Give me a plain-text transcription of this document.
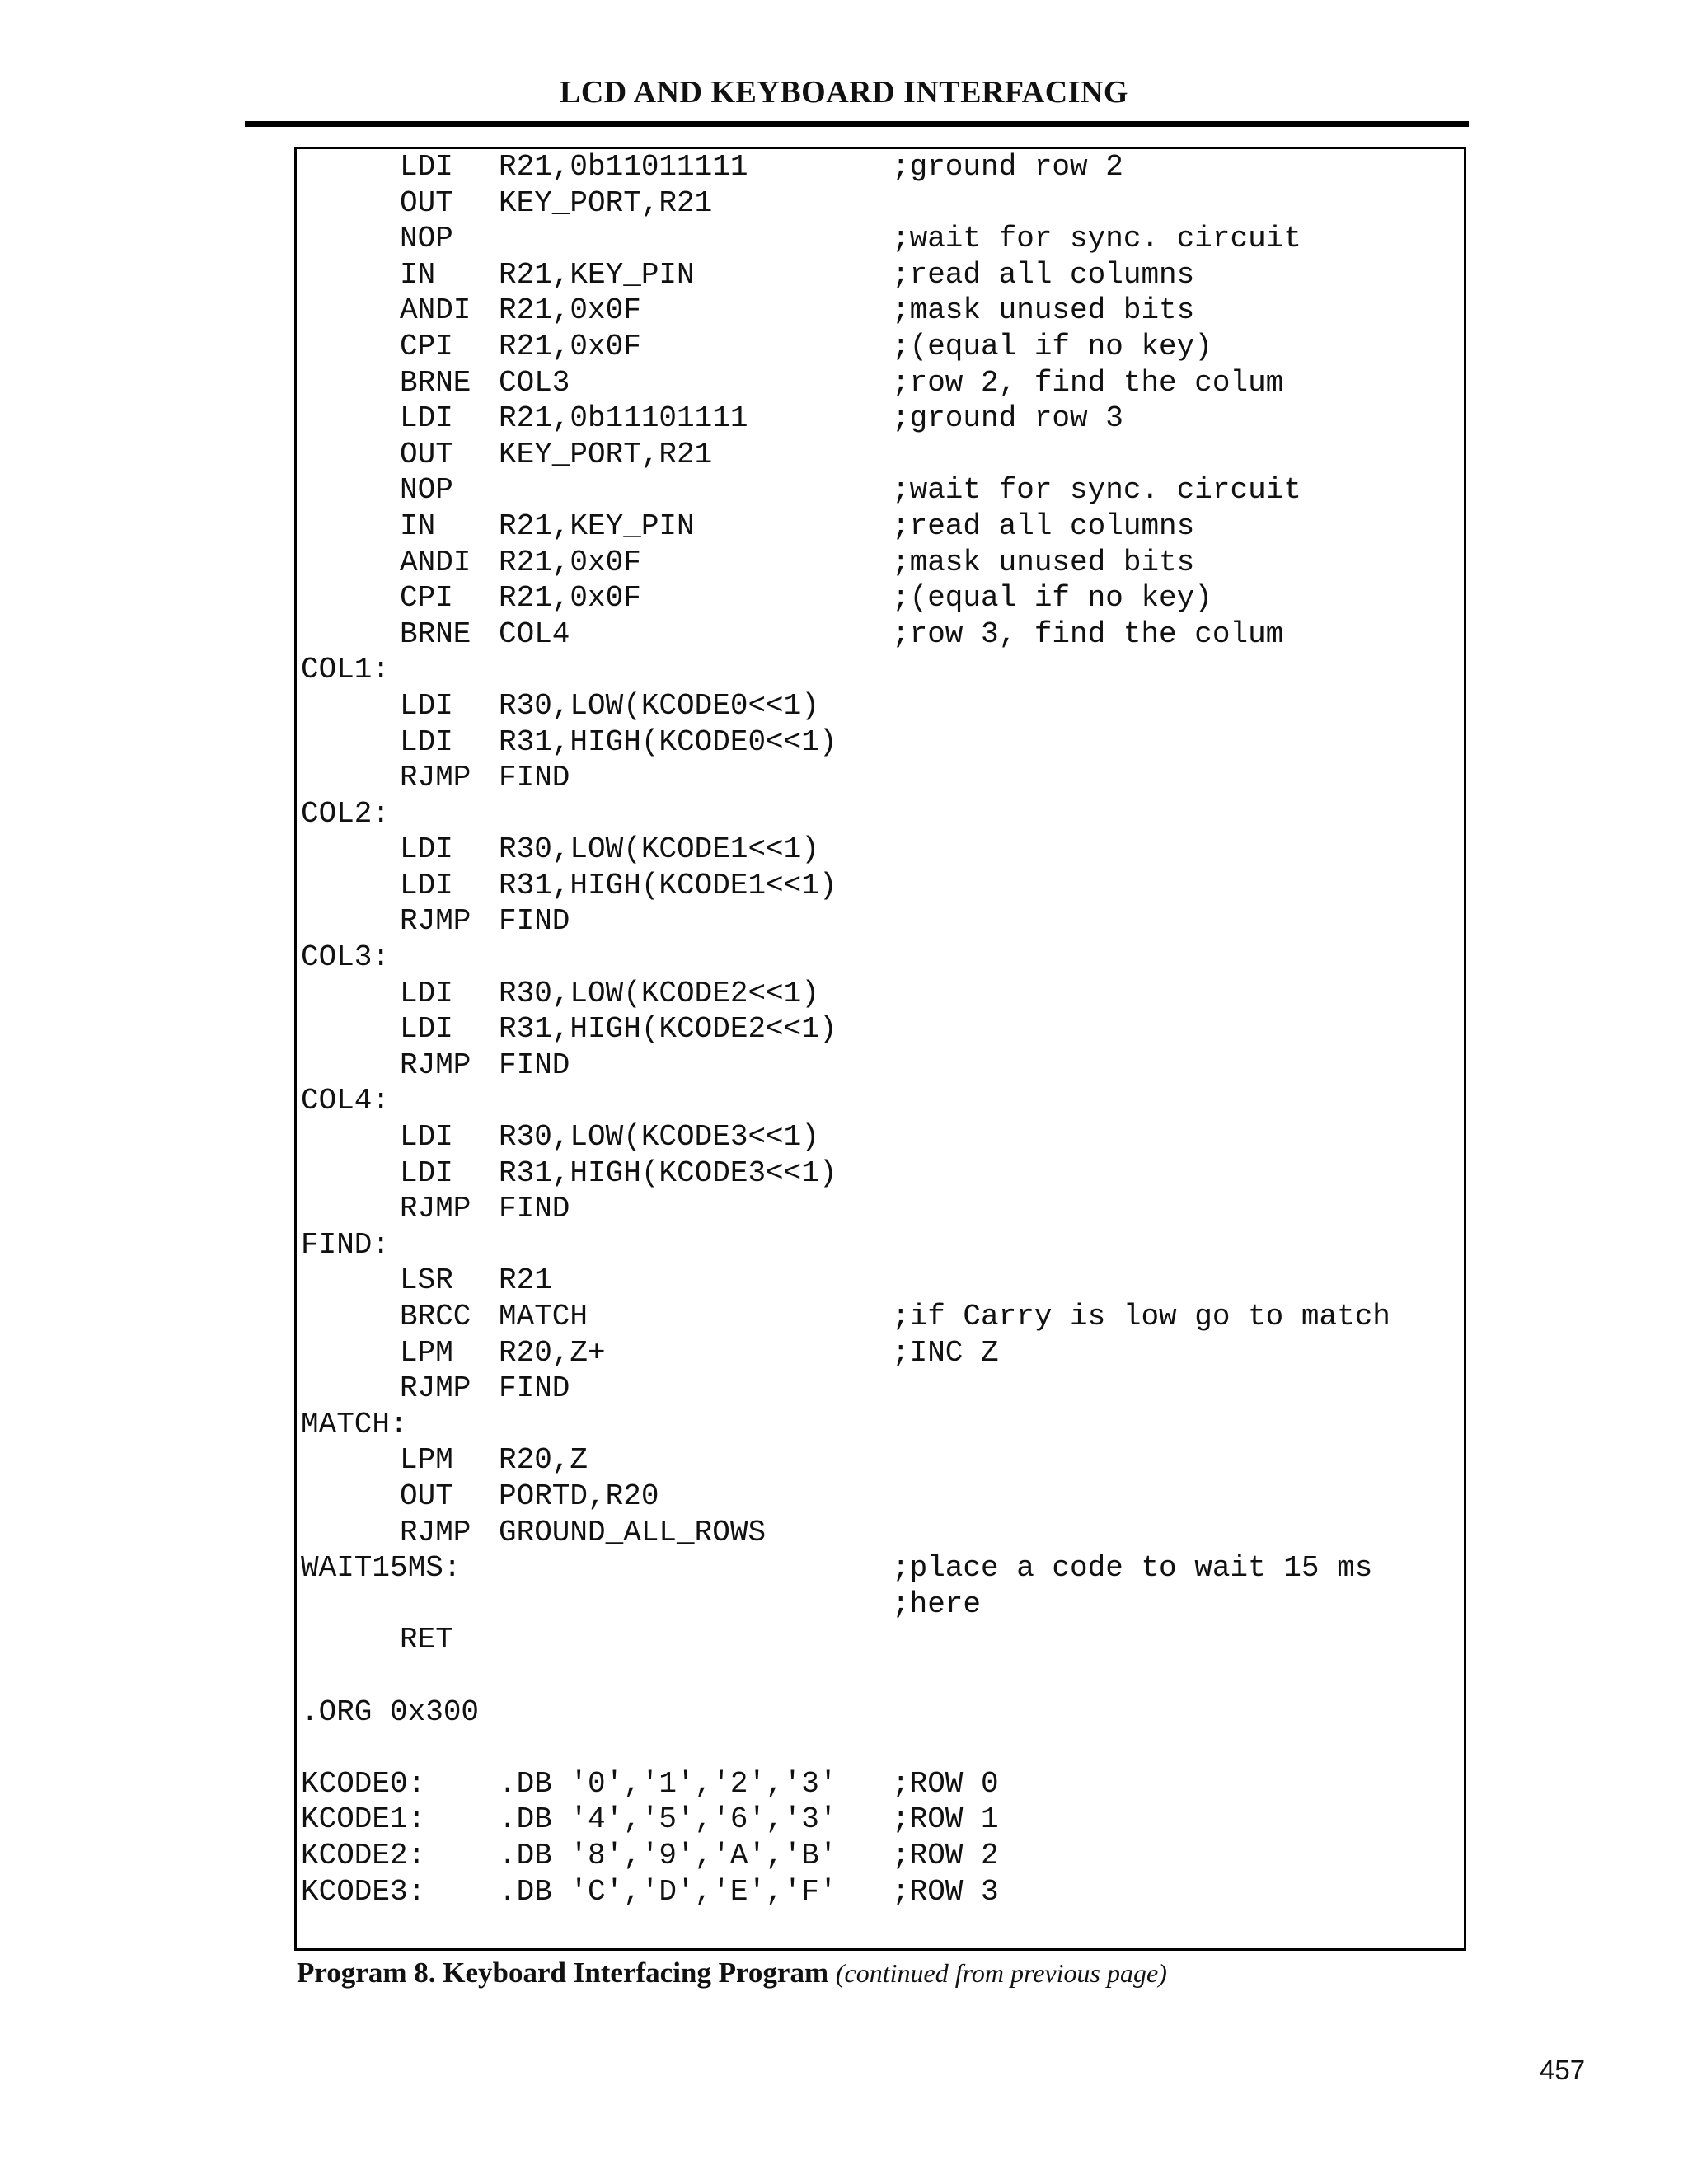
LCD AND KEYBOARD INTERFACING
LDI R21,0b11011111	;ground row 2
OUT KEY_PORT,R21
NOP	;wait for sync. circuit
IN R21,KEY_PIN	;read all columns
ANDI R21,0x0F	;mask unused bits
CPI R21,0x0F	;(equal if no key)
BRNE COL3	;row 2, find the colum
LDI R21,0b11101111	;ground row 3
OUT KEY_PORT,R21
NOP	;wait for sync. circuit
IN R21,KEY_PIN	;read all columns
ANDI R21,0x0F	;mask unused bits
CPI R21,0x0F	;(equal if no key)
BRNE COL4	;row 3, find the colum
COL1:
LDI R30,LOW(KCODE0<<1)
LDI R31,HIGH(KCODE0<<1)
RJMP FIND
COL2:
LDI R30,LOW(KCODE1<<1)
LDI R31,HIGH(KCODE1<<1)
RJMP FIND
COL3:
LDI R30,LOW(KCODE2<<1)
LDI R31,HIGH(KCODE2<<1)
RJMP FIND
COL4:
LDI R30,LOW(KCODE3<<1)
LDI R31,HIGH(KCODE3<<1)
RJMP FIND
FIND:
LSR R21
BRCC MATCH	;if Carry is low go to match
LPM R20,Z+	;INC Z
RJMP FIND
MATCH:
LPM R20,Z
OUT PORTD,R20
RJMP GROUND_ALL_ROWS
WAIT15MS:	;place a code to wait 15 ms
;here
RET
.ORG 0x300
KCODE0: .DB '0','1','2','3' ;ROW 0
KCODE1: .DB '4','5','6','3' ;ROW 1
KCODE2: .DB '8','9','A','B' ;ROW 2
KCODE3: .DB 'C','D','E','F' ;ROW 3
Program 8. Keyboard Interfacing Program (continued from previous page)
457
